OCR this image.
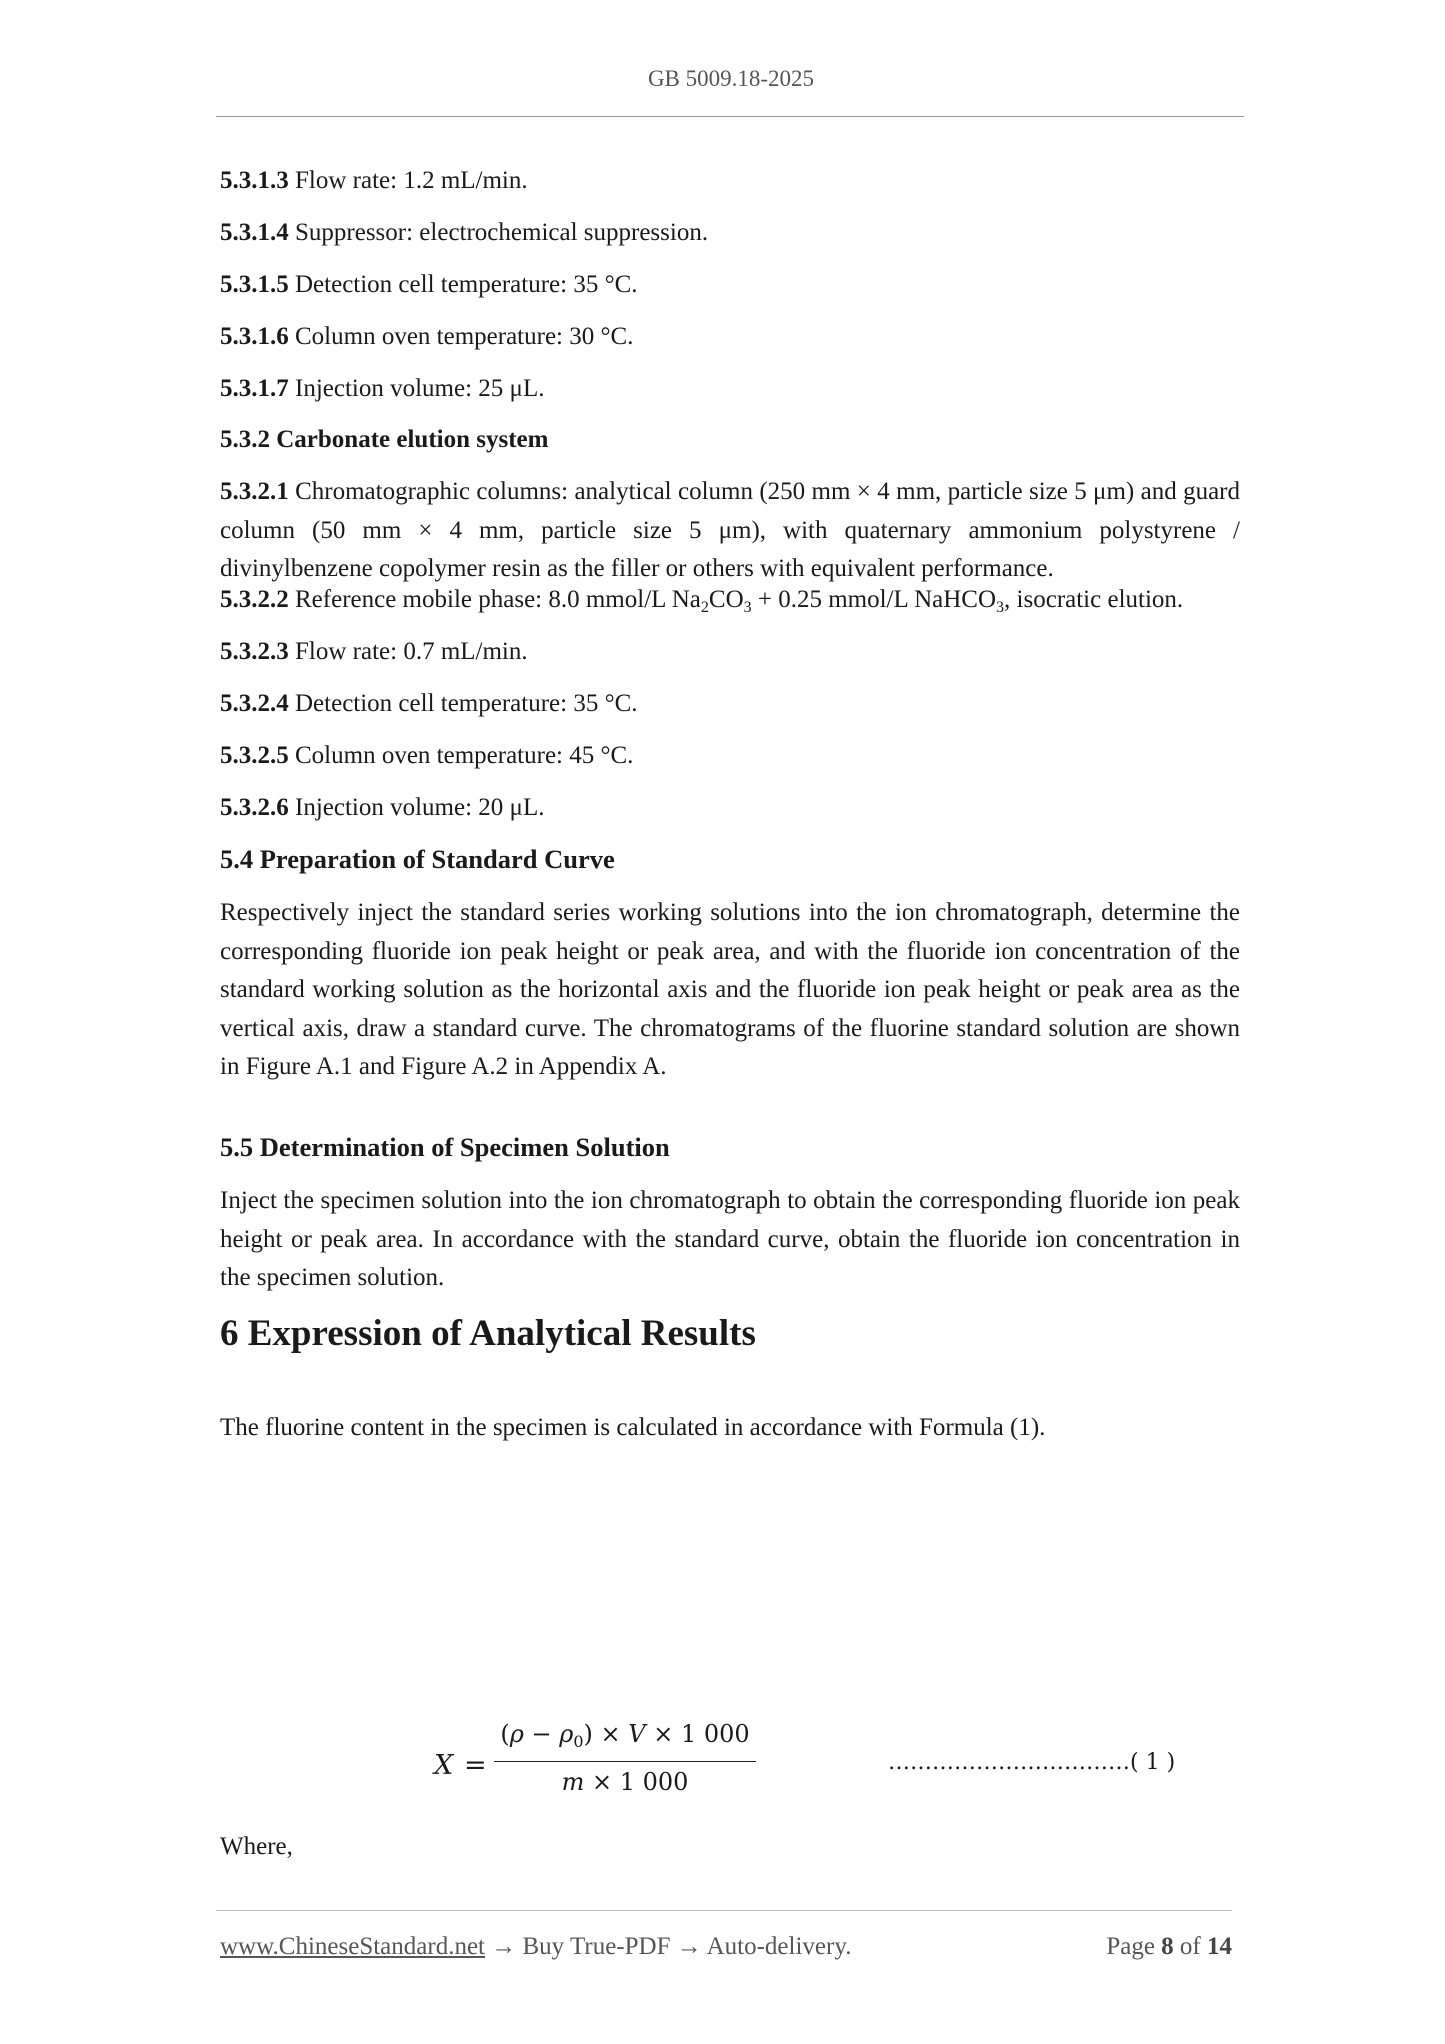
GB 5009.18-2025
5.3.1.3 Flow rate: 1.2 mL/min.
5.3.1.4 Suppressor: electrochemical suppression.
5.3.1.5 Detection cell temperature: 35 °C.
5.3.1.6 Column oven temperature: 30 °C.
5.3.1.7 Injection volume: 25 μL.
5.3.2 Carbonate elution system
5.3.2.1 Chromatographic columns: analytical column (250 mm × 4 mm, particle size 5 μm) and guard column (50 mm × 4 mm, particle size 5 μm), with quaternary ammonium polystyrene / divinylbenzene copolymer resin as the filler or others with equivalent performance.
5.3.2.2 Reference mobile phase: 8.0 mmol/L $Na_2CO_3 + 0.25$ mmol/L NaHCO$_3$, isocratic elution.
5.3.2.3 Flow rate: 0.7 mL/min.
5.3.2.4 Detection cell temperature: 35 °C.
5.3.2.5 Column oven temperature: 45 °C.
5.3.2.6 Injection volume: 20 μL.
5.4 Preparation of Standard Curve
Respectively inject the standard series working solutions into the ion chromatograph, determine the corresponding fluoride ion peak height or peak area, and with the fluoride ion concentration of the standard working solution as the horizontal axis and the fluoride ion peak height or peak area as the vertical axis, draw a standard curve. The chromatograms of the fluorine standard solution are shown in Figure A.1 and Figure A.2 in Appendix A.
5.5 Determination of Specimen Solution
Inject the specimen solution into the ion chromatograph to obtain the corresponding fluoride ion peak height or peak area. In accordance with the standard curve, obtain the fluoride ion concentration in the specimen solution.
6 Expression of Analytical Results
The fluorine content in the specimen is calculated in accordance with Formula (1).
Where,
X =
$(\rho - \rho_0) \times V \times 1$ 000
m × 1 000
……………………………( 1 )
www.ChineseStandard.net → Buy True-PDF → Auto-delivery.	Page 8 of 14
